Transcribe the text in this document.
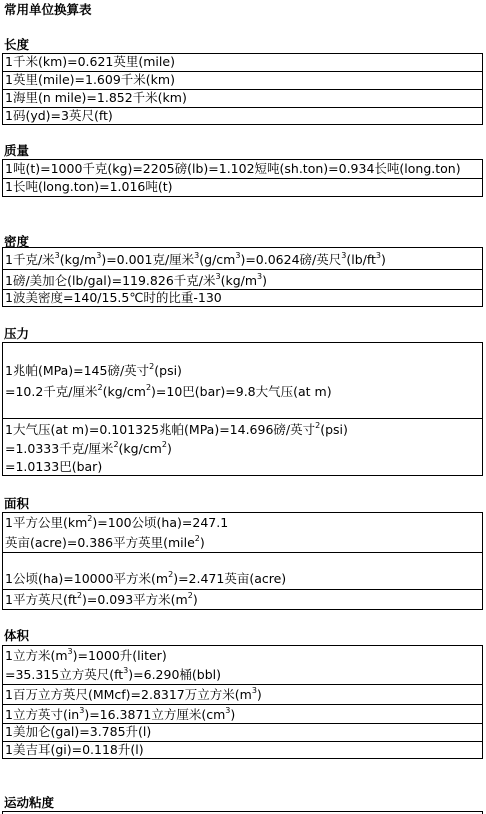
常用单位换算表
长度
1千米(km)=0.621英里(mile)
1英里(mile)=1.609千米(km)
1海里(n mile)=1.852千米(km)
1码(yd)=3英尺(ft)
质量
1吨(t)=1000千克(kg)=2205磅(lb)=1.102短吨(sh.ton)=0.934长吨(long.ton)
1长吨(long.ton)=1.016吨(t)
密度
1千克/米$^3(kg/m^3)=0.001$克/厘米$^3(g/cm^3)=0.0624$磅/英尺$^3(lb/ft^3)$
1磅/美加仑(lb/gal)=119.826千克/米$^3(kg/m^3)$
1波美密度=140/15.5℃时的比重-130
压力
1兆帕(MPa)=145磅/英寸$^2$(psi)
=10.2千克/厘米$^2(kg/cm^2)=10$巴(bar)=9.8大气压(at m)
1大气压(at m)=0.101325兆帕(MPa)=14.696磅/英寸$^2$(psi)
=1.0333千克/厘米$^2(kg/cm^2)$
=1.0133巴(bar)
面积
1平方公里$(km^2)=100$公顷(ha)=247.1
英亩(acre)=0.386平方英里(mile$^2$)
1公顷(ha)=10000平方米$(m^2)=2.471$英亩(acre)
1平方英尺$(ft^2)=0.093$平方米$(m^2)$
体积
1立方米$(m^3)=1000$升(liter)
=35.315立方英尺$(ft^3)=6.290$桶(bbl)
1百万立方英尺(MMcf)=2.8317万立方米$(m^3)$
1立方英寸$(in^3)=16.3871$立方厘米$(cm^3)$
1美加仑(gal)=3.785升(l)
1美吉耳(gi)=0.118升(l)
运动粘度
